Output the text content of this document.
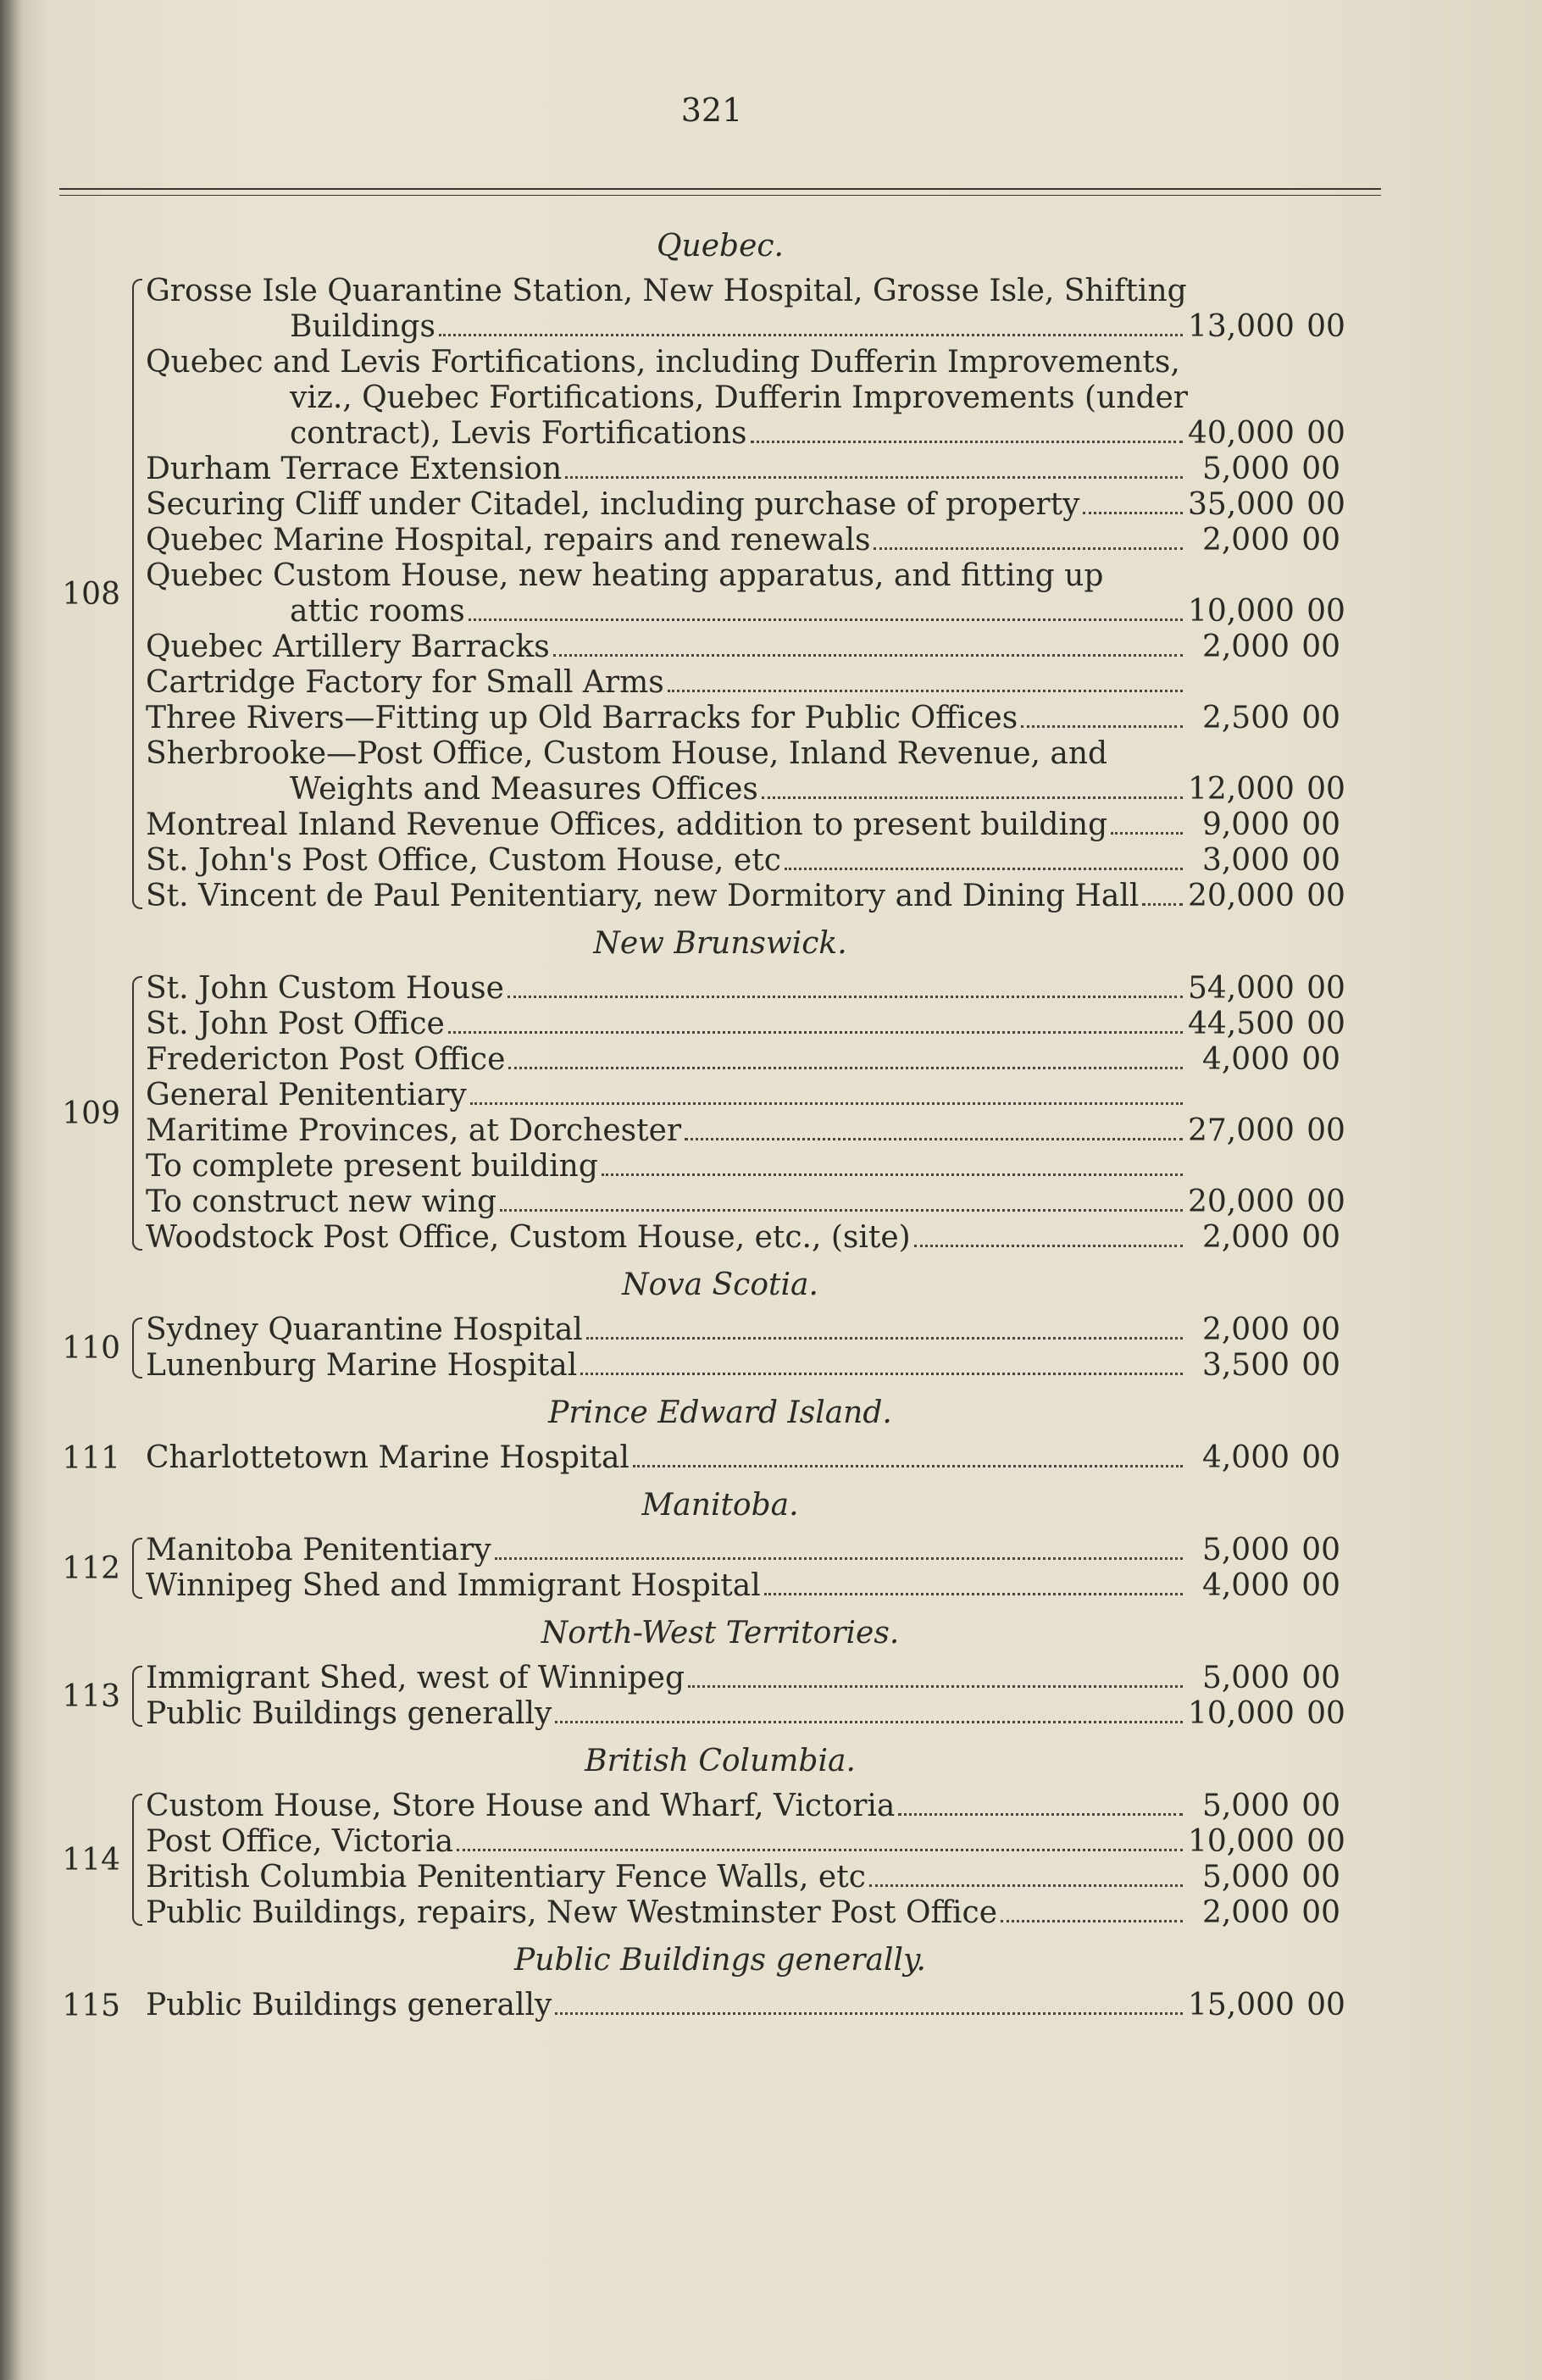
321
Quebec.
108
Grosse Isle Quarantine Station, New Hospital, Grosse Isle, Shifting
Buildings	13,000 00
Quebec and Levis Fortifications, including Dufferin Improvements,
viz., Quebec Fortifications, Dufferin Improvements (under
contract), Levis Fortifications	40,000 00
Durham Terrace Extension	5,000 00
Securing Cliff under Citadel, including purchase of property	35,000 00
Quebec Marine Hospital, repairs and renewals	2,000 00
Quebec Custom House, new heating apparatus, and fitting up
attic rooms	10,000 00
Quebec Artillery Barracks	2,000 00
Cartridge Factory for Small Arms
Three Rivers—Fitting up Old Barracks for Public Offices	2,500 00
Sherbrooke—Post Office, Custom House, Inland Revenue, and
Weights and Measures Offices	12,000 00
Montreal Inland Revenue Offices, addition to present building	9,000 00
St. John's Post Office, Custom House, etc	3,000 00
St. Vincent de Paul Penitentiary, new Dormitory and Dining Hall 20,000 00
New Brunswick.
109
St. John Custom House	54,000 00
St. John Post Office	44,500 00
Fredericton Post Office	4,000 00
General Penitentiary
Maritime Provinces, at Dorchester	27,000 00
To complete present building
To construct new wing	20,000 00
Woodstock Post Office, Custom House, etc., (site)	2,000 00
Nova Scotia.
110
Sydney Quarantine Hospital	2,000 00
Lunenburg Marine Hospital	3,500 00
Prince Edward Island.
111 Charlottetown Marine Hospital	4,000 00
Manitoba.
112
Manitoba Penitentiary	5,000 00
Winnipeg Shed and Immigrant Hospital	4,000 00
North-West Territories.
113
Immigrant Shed, west of Winnipeg	5,000 00
Public Buildings generally	10,000 00
British Columbia.
114
Custom House, Store House and Wharf, Victoria	5,000 00
Post Office, Victoria	10,000 00
British Columbia Penitentiary Fence Walls, etc	5,000 00
Public Buildings, repairs, New Westminster Post Office	2,000 00
Public Buildings generally.
115 Public Buildings generally	15,000 00
